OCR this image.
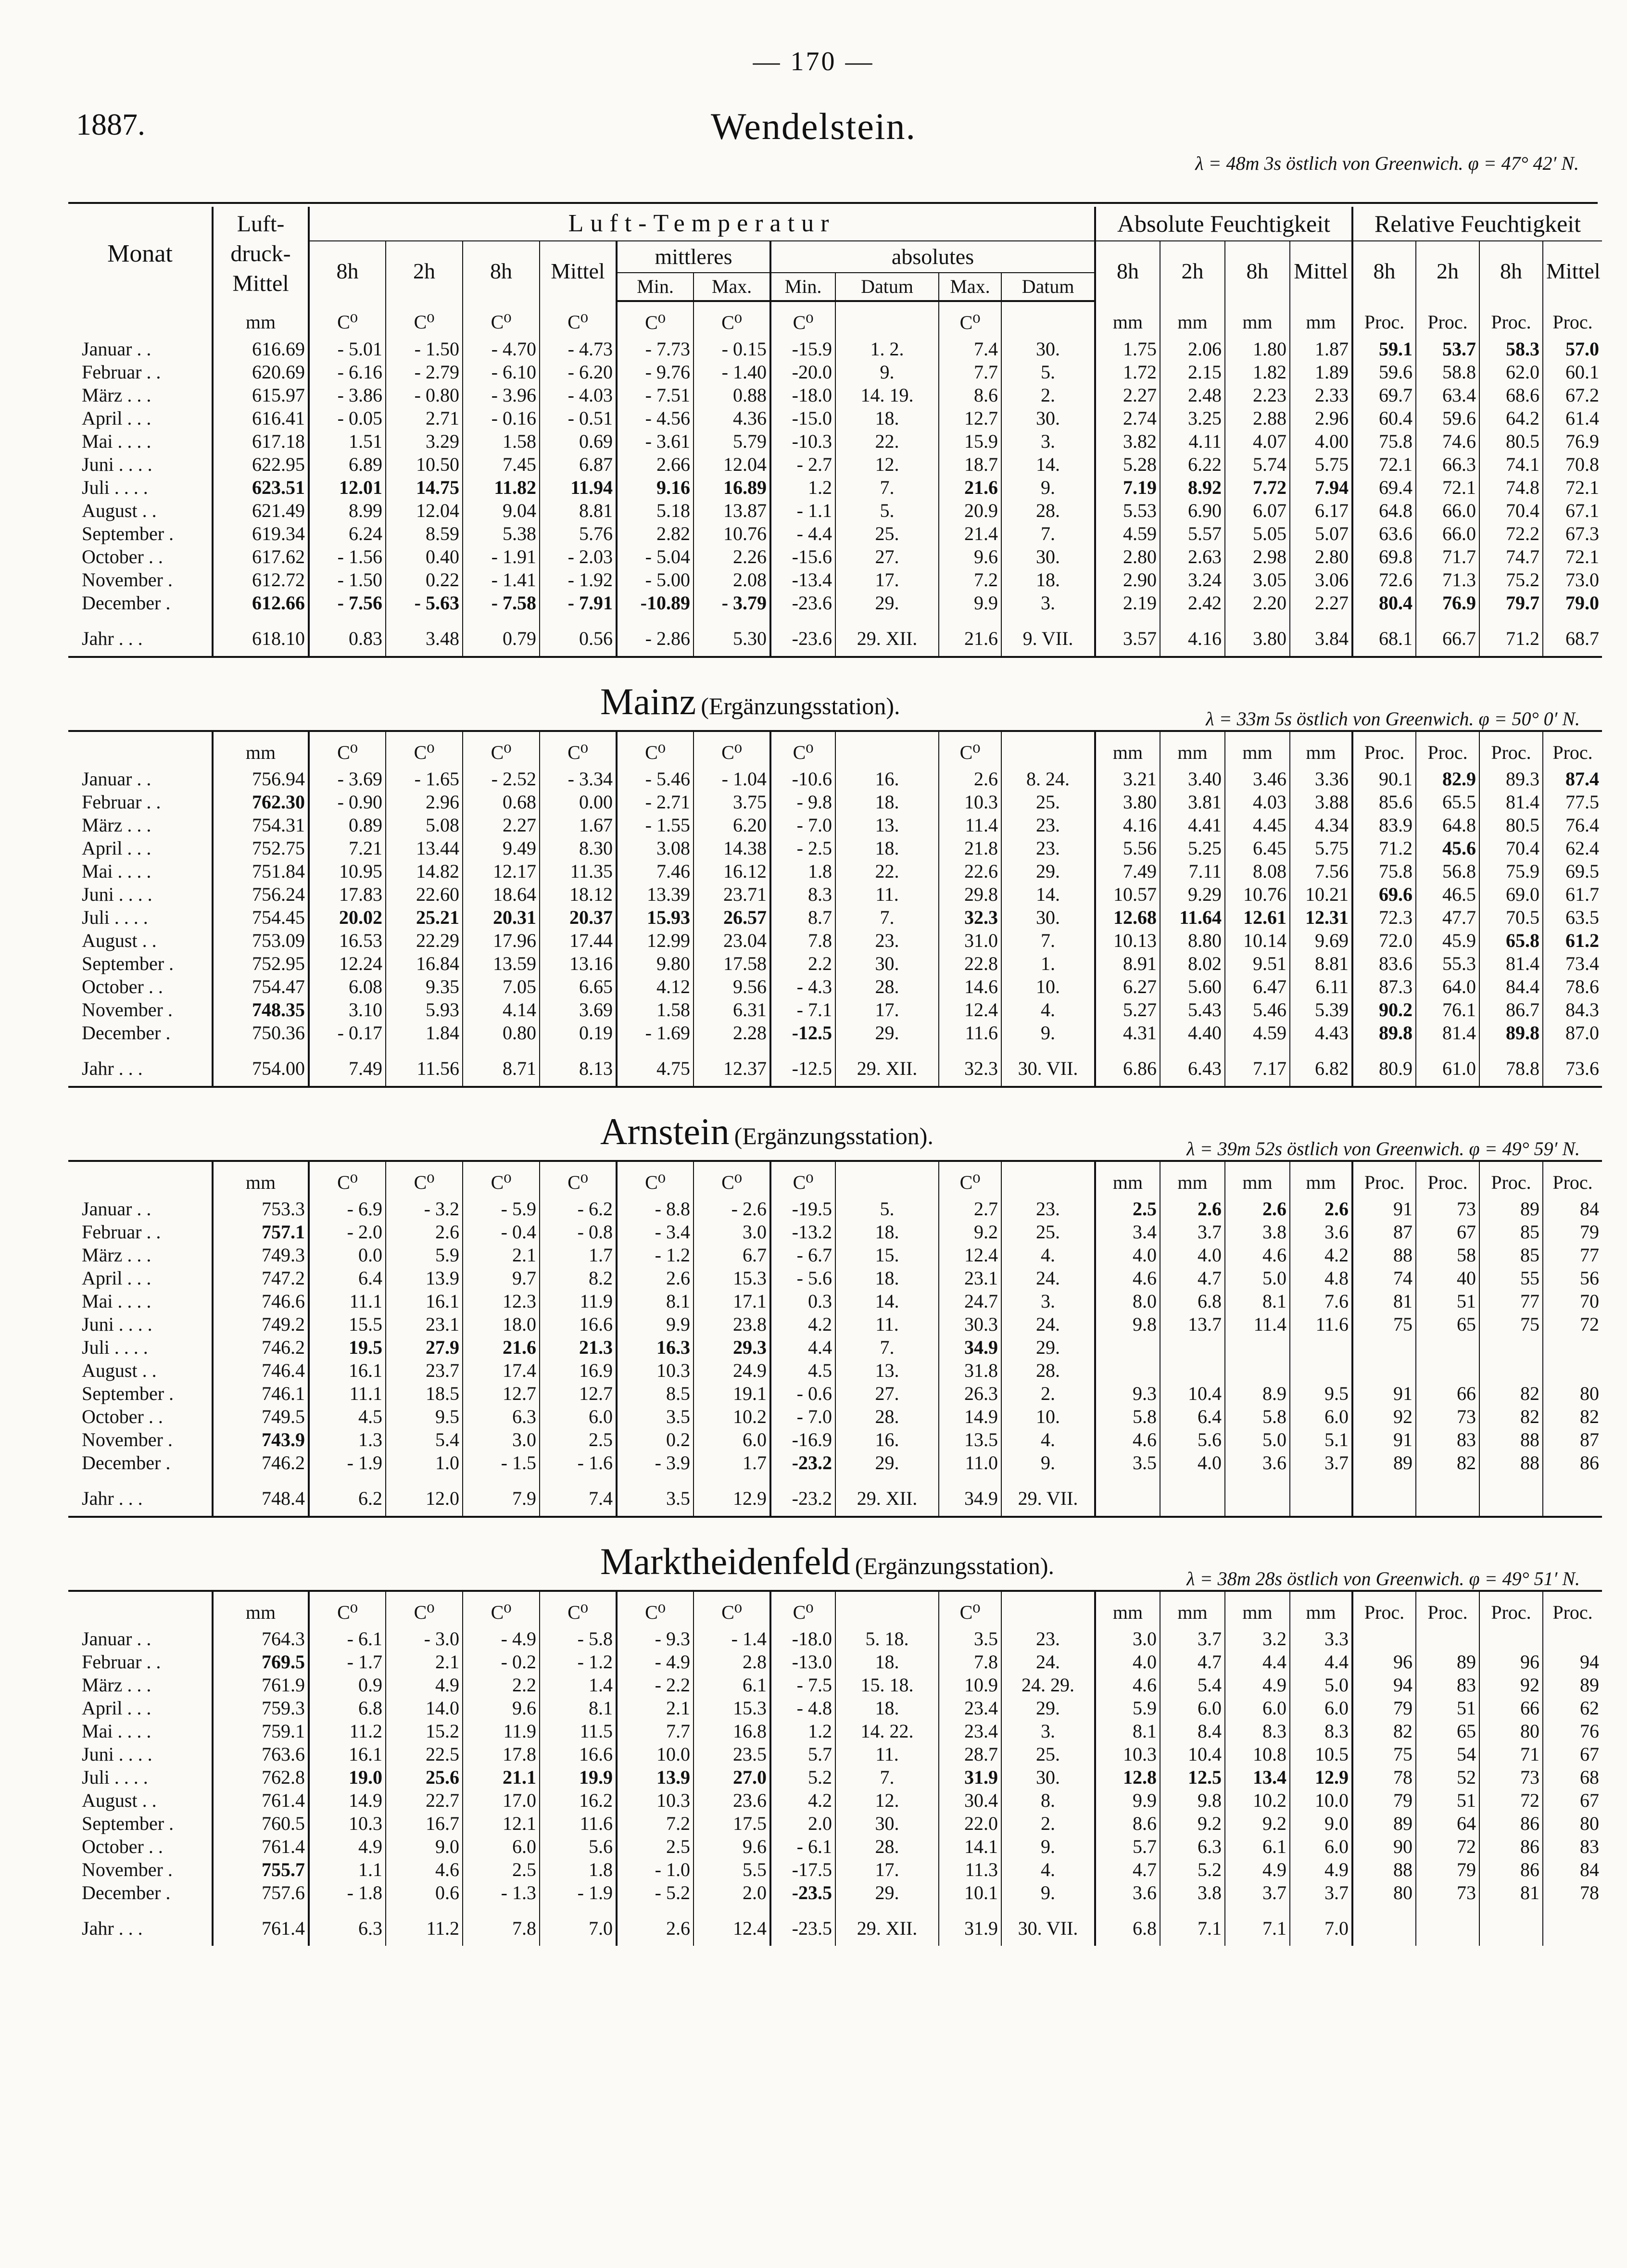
— 170 —
1887.	Wendelstein.
λ = 48m 3s östlich von Greenwich. φ = 47° 42′ N.
Monat	Luft-druck-Mittel	Luft-Temperatur										Absolute Feuchtigkeit				Relative Feuchtigkeit			
		8h	2h	8h	Mittel	mittleres		absolutes				8h	2h	8h	Mittel	8h	2h	8h	Mittel
						Min.	Max.	Min.	Datum	Max.	Datum								
	mm	C⁰	C⁰	C⁰	C⁰	C⁰	C⁰	C⁰		C⁰		mm	mm	mm	mm	Proc.	Proc.	Proc.	Proc.
Januar . .	616.69	- 5.01	- 1.50	- 4.70	- 4.73	- 7.73	- 0.15	-15.9	1. 2.	7.4	30.	1.75	2.06	1.80	1.87	59.1	53.7	58.3	57.0
Februar . .	620.69	- 6.16	- 2.79	- 6.10	- 6.20	- 9.76	- 1.40	-20.0	9.	7.7	5.	1.72	2.15	1.82	1.89	59.6	58.8	62.0	60.1
März . . .	615.97	- 3.86	- 0.80	- 3.96	- 4.03	- 7.51	0.88	-18.0	14. 19.	8.6	2.	2.27	2.48	2.23	2.33	69.7	63.4	68.6	67.2
April . . .	616.41	- 0.05	2.71	- 0.16	- 0.51	- 4.56	4.36	-15.0	18.	12.7	30.	2.74	3.25	2.88	2.96	60.4	59.6	64.2	61.4
Mai . . . .	617.18	1.51	3.29	1.58	0.69	- 3.61	5.79	-10.3	22.	15.9	3.	3.82	4.11	4.07	4.00	75.8	74.6	80.5	76.9
Juni . . . .	622.95	6.89	10.50	7.45	6.87	2.66	12.04	- 2.7	12.	18.7	14.	5.28	6.22	5.74	5.75	72.1	66.3	74.1	70.8
Juli . . . .	623.51	12.01	14.75	11.82	11.94	9.16	16.89	1.2	7.	21.6	9.	7.19	8.92	7.72	7.94	69.4	72.1	74.8	72.1
August . .	621.49	8.99	12.04	9.04	8.81	5.18	13.87	- 1.1	5.	20.9	28.	5.53	6.90	6.07	6.17	64.8	66.0	70.4	67.1
September .	619.34	6.24	8.59	5.38	5.76	2.82	10.76	- 4.4	25.	21.4	7.	4.59	5.57	5.05	5.07	63.6	66.0	72.2	67.3
October . .	617.62	- 1.56	0.40	- 1.91	- 2.03	- 5.04	2.26	-15.6	27.	9.6	30.	2.80	2.63	2.98	2.80	69.8	71.7	74.7	72.1
November .	612.72	- 1.50	0.22	- 1.41	- 1.92	- 5.00	2.08	-13.4	17.	7.2	18.	2.90	3.24	3.05	3.06	72.6	71.3	75.2	73.0
December .	612.66	- 7.56	- 5.63	- 7.58	- 7.91	-10.89	- 3.79	-23.6	29.	9.9	3.	2.19	2.42	2.20	2.27	80.4	76.9	79.7	79.0
Jahr . . .	618.10	0.83	3.48	0.79	0.56	- 2.86	5.30	-23.6	29. XII.	21.6	9. VII.	3.57	4.16	3.80	3.84	68.1	66.7	71.2	68.7

λ = 33m 5s östlich von Greenwich. φ = 50° 0′ N.
Mainz (Ergänzungsstation).																			
	mm	C⁰	C⁰	C⁰	C⁰	C⁰	C⁰	C⁰		C⁰		mm	mm	mm	mm	Proc.	Proc.	Proc.	Proc.
Januar . .	756.94	- 3.69	- 1.65	- 2.52	- 3.34	- 5.46	- 1.04	-10.6	16.	2.6	8. 24.	3.21	3.40	3.46	3.36	90.1	82.9	89.3	87.4
Februar . .	762.30	- 0.90	2.96	0.68	0.00	- 2.71	3.75	- 9.8	18.	10.3	25.	3.80	3.81	4.03	3.88	85.6	65.5	81.4	77.5
März . . .	754.31	0.89	5.08	2.27	1.67	- 1.55	6.20	- 7.0	13.	11.4	23.	4.16	4.41	4.45	4.34	83.9	64.8	80.5	76.4
April . . .	752.75	7.21	13.44	9.49	8.30	3.08	14.38	- 2.5	18.	21.8	23.	5.56	5.25	6.45	5.75	71.2	45.6	70.4	62.4
Mai . . . .	751.84	10.95	14.82	12.17	11.35	7.46	16.12	1.8	22.	22.6	29.	7.49	7.11	8.08	7.56	75.8	56.8	75.9	69.5
Juni . . . .	756.24	17.83	22.60	18.64	18.12	13.39	23.71	8.3	11.	29.8	14.	10.57	9.29	10.76	10.21	69.6	46.5	69.0	61.7
Juli . . . .	754.45	20.02	25.21	20.31	20.37	15.93	26.57	8.7	7.	32.3	30.	12.68	11.64	12.61	12.31	72.3	47.7	70.5	63.5
August . .	753.09	16.53	22.29	17.96	17.44	12.99	23.04	7.8	23.	31.0	7.	10.13	8.80	10.14	9.69	72.0	45.9	65.8	61.2
September .	752.95	12.24	16.84	13.59	13.16	9.80	17.58	2.2	30.	22.8	1.	8.91	8.02	9.51	8.81	83.6	55.3	81.4	73.4
October . .	754.47	6.08	9.35	7.05	6.65	4.12	9.56	- 4.3	28.	14.6	10.	6.27	5.60	6.47	6.11	87.3	64.0	84.4	78.6
November .	748.35	3.10	5.93	4.14	3.69	1.58	6.31	- 7.1	17.	12.4	4.	5.27	5.43	5.46	5.39	90.2	76.1	86.7	84.3
December .	750.36	- 0.17	1.84	0.80	0.19	- 1.69	2.28	-12.5	29.	11.6	9.	4.31	4.40	4.59	4.43	89.8	81.4	89.8	87.0
Jahr . . .	754.00	7.49	11.56	8.71	8.13	4.75	12.37	-12.5	29. XII.	32.3	30. VII.	6.86	6.43	7.17	6.82	80.9	61.0	78.8	73.6

λ = 39m 52s östlich von Greenwich. φ = 49° 59′ N.
Arnstein (Ergänzungsstation).																			
	mm	C⁰	C⁰	C⁰	C⁰	C⁰	C⁰	C⁰		C⁰		mm	mm	mm	mm	Proc.	Proc.	Proc.	Proc.
Januar . .	753.3	- 6.9	- 3.2	- 5.9	- 6.2	- 8.8	- 2.6	-19.5	5.	2.7	23.	2.5	2.6	2.6	2.6	91	73	89	84
Februar . .	757.1	- 2.0	2.6	- 0.4	- 0.8	- 3.4	3.0	-13.2	18.	9.2	25.	3.4	3.7	3.8	3.6	87	67	85	79
März . . .	749.3	0.0	5.9	2.1	1.7	- 1.2	6.7	- 6.7	15.	12.4	4.	4.0	4.0	4.6	4.2	88	58	85	77
April . . .	747.2	6.4	13.9	9.7	8.2	2.6	15.3	- 5.6	18.	23.1	24.	4.6	4.7	5.0	4.8	74	40	55	56
Mai . . . .	746.6	11.1	16.1	12.3	11.9	8.1	17.1	0.3	14.	24.7	3.	8.0	6.8	8.1	7.6	81	51	77	70
Juni . . . .	749.2	15.5	23.1	18.0	16.6	9.9	23.8	4.2	11.	30.3	24.	9.8	13.7	11.4	11.6	75	65	75	72
Juli . . . .	746.2	19.5	27.9	21.6	21.3	16.3	29.3	4.4	7.	34.9	29.								
August . .	746.4	16.1	23.7	17.4	16.9	10.3	24.9	4.5	13.	31.8	28.								
September .	746.1	11.1	18.5	12.7	12.7	8.5	19.1	- 0.6	27.	26.3	2.	9.3	10.4	8.9	9.5	91	66	82	80
October . .	749.5	4.5	9.5	6.3	6.0	3.5	10.2	- 7.0	28.	14.9	10.	5.8	6.4	5.8	6.0	92	73	82	82
November .	743.9	1.3	5.4	3.0	2.5	0.2	6.0	-16.9	16.	13.5	4.	4.6	5.6	5.0	5.1	91	83	88	87
December .	746.2	- 1.9	1.0	- 1.5	- 1.6	- 3.9	1.7	-23.2	29.	11.0	9.	3.5	4.0	3.6	3.7	89	82	88	86
Jahr . . .	748.4	6.2	12.0	7.9	7.4	3.5	12.9	-23.2	29. XII.	34.9	29. VII.								

λ = 38m 28s östlich von Greenwich. φ = 49° 51′ N.
Marktheidenfeld (Ergänzungsstation).																			
	mm	C⁰	C⁰	C⁰	C⁰	C⁰	C⁰	C⁰		C⁰		mm	mm	mm	mm	Proc.	Proc.	Proc.	Proc.
Januar . .	764.3	- 6.1	- 3.0	- 4.9	- 5.8	- 9.3	- 1.4	-18.0	5. 18.	3.5	23.	3.0	3.7	3.2	3.3				
Februar . .	769.5	- 1.7	2.1	- 0.2	- 1.2	- 4.9	2.8	-13.0	18.	7.8	24.	4.0	4.7	4.4	4.4	96	89	96	94
März . . .	761.9	0.9	4.9	2.2	1.4	- 2.2	6.1	- 7.5	15. 18.	10.9	24. 29.	4.6	5.4	4.9	5.0	94	83	92	89
April . . .	759.3	6.8	14.0	9.6	8.1	2.1	15.3	- 4.8	18.	23.4	29.	5.9	6.0	6.0	6.0	79	51	66	62
Mai . . . .	759.1	11.2	15.2	11.9	11.5	7.7	16.8	1.2	14. 22.	23.4	3.	8.1	8.4	8.3	8.3	82	65	80	76
Juni . . . .	763.6	16.1	22.5	17.8	16.6	10.0	23.5	5.7	11.	28.7	25.	10.3	10.4	10.8	10.5	75	54	71	67
Juli . . . .	762.8	19.0	25.6	21.1	19.9	13.9	27.0	5.2	7.	31.9	30.	12.8	12.5	13.4	12.9	78	52	73	68
August . .	761.4	14.9	22.7	17.0	16.2	10.3	23.6	4.2	12.	30.4	8.	9.9	9.8	10.2	10.0	79	51	72	67
September .	760.5	10.3	16.7	12.1	11.6	7.2	17.5	2.0	30.	22.0	2.	8.6	9.2	9.2	9.0	89	64	86	80
October . .	761.4	4.9	9.0	6.0	5.6	2.5	9.6	- 6.1	28.	14.1	9.	5.7	6.3	6.1	6.0	90	72	86	83
November .	755.7	1.1	4.6	2.5	1.8	- 1.0	5.5	-17.5	17.	11.3	4.	4.7	5.2	4.9	4.9	88	79	86	84
December .	757.6	- 1.8	0.6	- 1.3	- 1.9	- 5.2	2.0	-23.5	29.	10.1	9.	3.6	3.8	3.7	3.7	80	73	81	78
Jahr . . .	761.4	6.3	11.2	7.8	7.0	2.6	12.4	-23.5	29. XII.	31.9	30. VII.	6.8	7.1	7.1	7.0				
